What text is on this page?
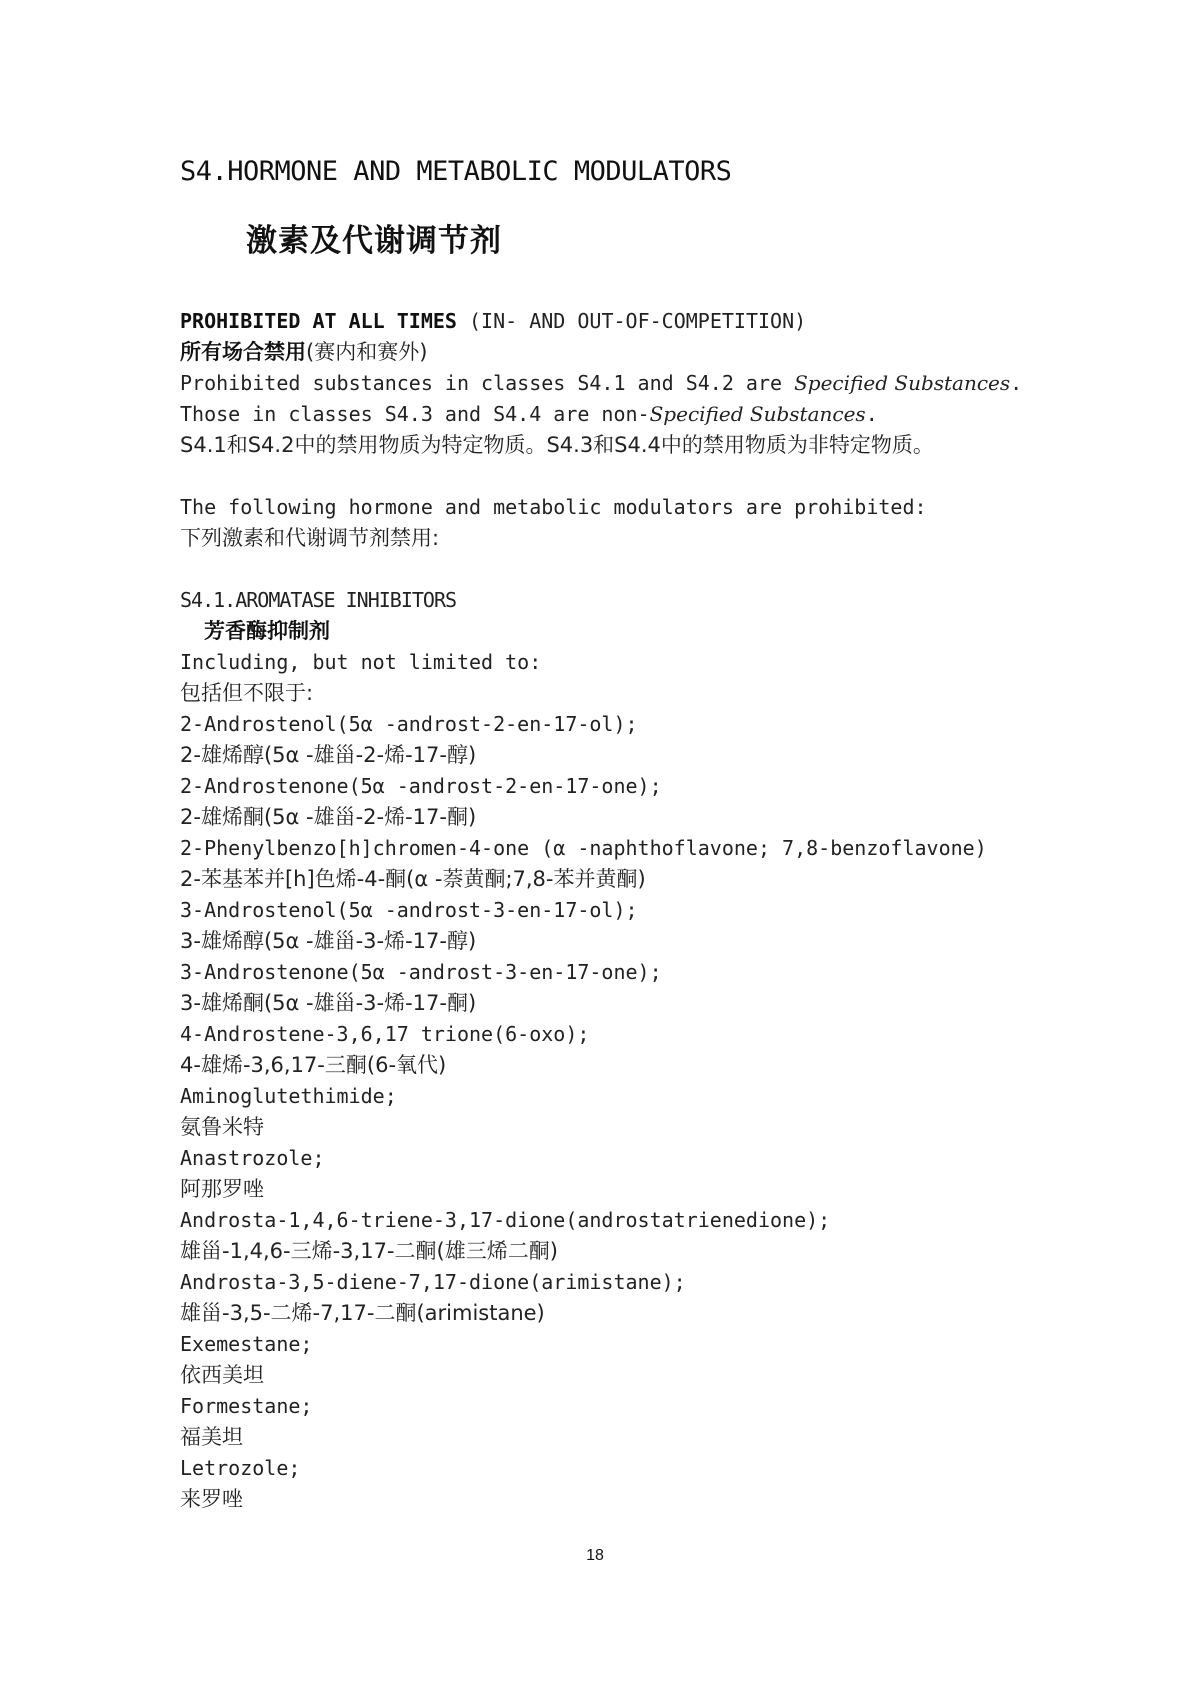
S4.HORMONE AND METABOLIC MODULATORS
激素及代谢调节剂
PROHIBITED AT ALL TIMES (IN- AND OUT-OF-COMPETITION)
所有场合禁用(赛内和赛外)
Prohibited substances in classes S4.1 and S4.2 are Specified Substances.
Those in classes S4.3 and S4.4 are non-Specified Substances.
S4.1和S4.2中的禁用物质为特定物质。S4.3和S4.4中的禁用物质为非特定物质。
The following hormone and metabolic modulators are prohibited:
下列激素和代谢调节剂禁用:
S4.1.AROMATASE INHIBITORS
芳香酶抑制剂
Including, but not limited to:
包括但不限于:
2-Androstenol(5α -androst-2-en-17-ol);
2-雄烯醇(5α -雄甾-2-烯-17-醇)
2-Androstenone(5α -androst-2-en-17-one);
2-雄烯酮(5α -雄甾-2-烯-17-酮)
2-Phenylbenzo[h]chromen-4-one (α -naphthoflavone; 7,8-benzoflavone)
2-苯基苯并[h]色烯-4-酮(α -萘黄酮;7,8-苯并黄酮)
3-Androstenol(5α -androst-3-en-17-ol);
3-雄烯醇(5α -雄甾-3-烯-17-醇)
3-Androstenone(5α -androst-3-en-17-one);
3-雄烯酮(5α -雄甾-3-烯-17-酮)
4-Androstene-3,6,17 trione(6-oxo);
4-雄烯-3,6,17-三酮(6-氧代)
Aminoglutethimide;
氨鲁米特
Anastrozole;
阿那罗唑
Androsta-1,4,6-triene-3,17-dione(androstatrienedione);
雄甾-1,4,6-三烯-3,17-二酮(雄三烯二酮)
Androsta-3,5-diene-7,17-dione(arimistane);
雄甾-3,5-二烯-7,17-二酮(arimistane)
Exemestane;
依西美坦
Formestane;
福美坦
Letrozole;
来罗唑
18
